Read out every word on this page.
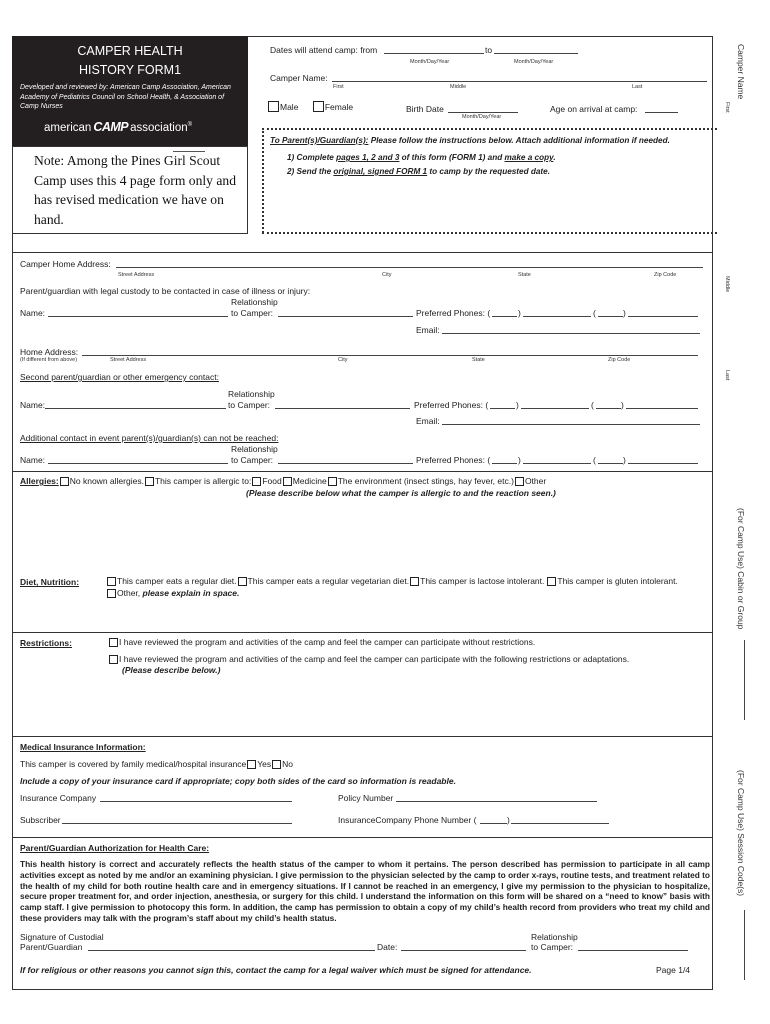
CAMPER HEALTH
HISTORY FORM1
Developed and reviewed by: American Camp Association, American Academy of Pediatrics Council on School Health, & Association of Camp Nurses
american CAMP association®
Note: Among the Pines Girl Scout Camp uses this 4 page form only and has revised medication we have on hand.
Dates will attend camp: from	to
Month/Day/Year	Month/Day/Year
Camper Name:
First	Middle	Last
Male	Female	Birth Date
Month/Day/Year
Age on arrival at camp:
To Parent(s)/Guardian(s): Please follow the instructions below. Attach additional information if needed.
1) Complete pages 1, 2 and 3 of this form (FORM 1) and make a copy.
2) Send the original, signed FORM 1 to camp by the requested date.
Camper Name
First
Middle
Last
(For Camp Use) Cabin or Group
(For Camp Use) Session Code(s)
Camper Home Address:
Street Address	City	State	Zip Code
Parent/guardian with legal custody to be contacted in case of illness or injury:
Relationship
Name:	to Camper:	Preferred Phones: (	)	(	)
Email:
Home Address:
(If different from above)	Street Address	City	State	Zip Code
Second parent/guardian or other emergency contact:
Relationship
Name:	to Camper:	Preferred Phones: (	)	(	)
Email:
Additional contact in event parent(s)/guardian(s) can not be reached:
Relationship
Name:	to Camper:	Preferred Phones: (	)	(	)
Allergies: No known allergies. This camper is allergic to: Food Medicine The environment (insect stings, hay fever, etc.) Other
(Please describe below what the camper is allergic to and the reaction seen.)
Diet, Nutrition:	This camper eats a regular diet. This camper eats a regular vegetarian diet. This camper is lactose intolerant. This camper is gluten intolerant.
Other, please explain in space.
Restrictions:	I have reviewed the program and activities of the camp and feel the camper can participate without restrictions.
I have reviewed the program and activities of the camp and feel the camper can participate with the following restrictions or adaptations.
(Please describe below.)
Medical Insurance Information:
This camper is covered by family medical/hospital insurance Yes No
Include a copy of your insurance card if appropriate; copy both sides of the card so information is readable.
Insurance Company	Policy Number
Subscriber	InsuranceCompany Phone Number (	)
Parent/Guardian Authorization for Health Care:
This health history is correct and accurately reflects the health status of the camper to whom it pertains. The person described has permission to participate in all camp activities except as noted by me and/or an examining physician. I give permission to the physician selected by the camp to order x-rays, routine tests, and treatment related to the health of my child for both routine health care and in emergency situations. If I cannot be reached in an emergency, I give my permission to the physician to hospitalize, secure proper treatment for, and order injection, anesthesia, or surgery for this child. I understand the information on this form will be shared on a “need to know” basis with camp staff. I give permission to photocopy this form. In addition, the camp has permission to obtain a copy of my child’s health record from providers who treat my child and these providers may talk with the program’s staff about my child’s health status.
Signature of Custodial
Parent/Guardian	Date:
Relationship
to Camper:
If for religious or other reasons you cannot sign this, contact the camp for a legal waiver which must be signed for attendance.	Page 1/4
